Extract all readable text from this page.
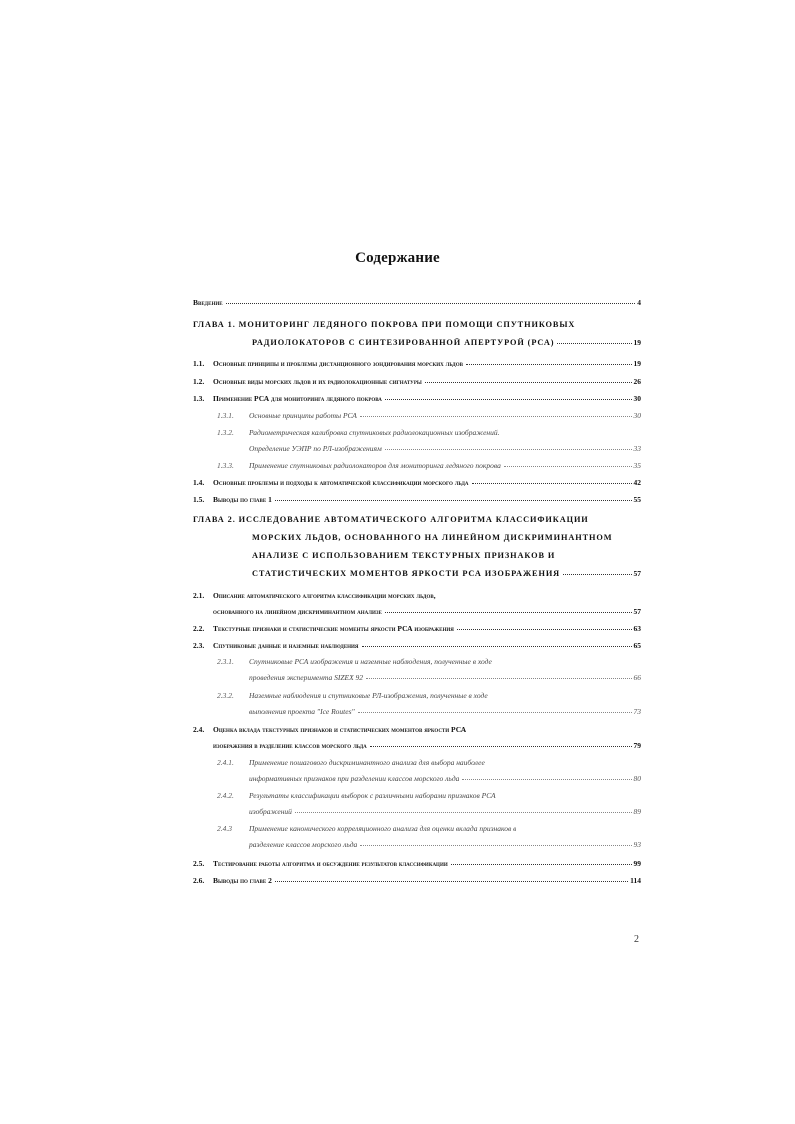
Содержание
Введение	4
ГЛАВА 1. МОНИТОРИНГ ЛЕДЯНОГО ПОКРОВА ПРИ ПОМОЩИ СПУТНИКОВЫХ
РАДИОЛОКАТОРОВ С СИНТЕЗИРОВАННОЙ АПЕРТУРОЙ (РСА)	19
1.1.	Основные принципы и проблемы дистанционного зондирования морских льдов	19
1.2.	Основные виды морских льдов и их радиолокационные сигнатуры	26
1.3.	Применение РСА для мониторинга ледяного покрова	30
1.3.1.	Основные принципы работы РСА	30
1.3.2.	Радиометрическая калибровка спутниковых радиолокационных изображений.
Определение УЭПР по РЛ-изображениям	33
1.3.3.	Применение спутниковых радиолокаторов для мониторинга ледяного покрова	35
1.4.	Основные проблемы и подходы к автоматической классификации морского льда	42
1.5.	Выводы по главе 1	55
ГЛАВА 2. ИССЛЕДОВАНИЕ АВТОМАТИЧЕСКОГО АЛГОРИТМА КЛАССИФИКАЦИИ
МОРСКИХ ЛЬДОВ, ОСНОВАННОГО НА ЛИНЕЙНОМ ДИСКРИМИНАНТНОМ
АНАЛИЗЕ С ИСПОЛЬЗОВАНИЕМ ТЕКСТУРНЫХ ПРИЗНАКОВ И
СТАТИСТИЧЕСКИХ МОМЕНТОВ ЯРКОСТИ РСА ИЗОБРАЖЕНИЯ	57
2.1.	Описание автоматического алгоритма классификации морских льдов,
основанного на линейном дискриминантном анализе	57
2.2.	Текстурные признаки и статистические моменты яркости РСА изображения	63
2.3.	Спутниковые данные и наземные наблюдения	65
2.3.1.	Спутниковые РСА изображения и наземные наблюдения, полученные в ходе
проведения эксперимента SIZEX 92	66
2.3.2.	Наземные наблюдения и спутниковые РЛ-изображения, полученные в ходе
выполнения проекта "Ice Routes"	73
2.4.	Оценка вклада текстурных признаков и статистических моментов яркости РСА
изображения в разделение классов морского льда	79
2.4.1.	Применение пошагового дискриминантного анализа для выбора наиболее
информативных признаков при разделении классов морского льда	80
2.4.2.	Результаты классификации выборок с различными наборами признаков РСА
изображений	89
2.4.3	Применение канонического корреляционного анализа для оценки вклада признаков в
разделение классов морского льда	93
2.5.	Тестирование работы алгоритма и обсуждение результатов классификации	99
2.6.	Выводы по главе 2	114
2
